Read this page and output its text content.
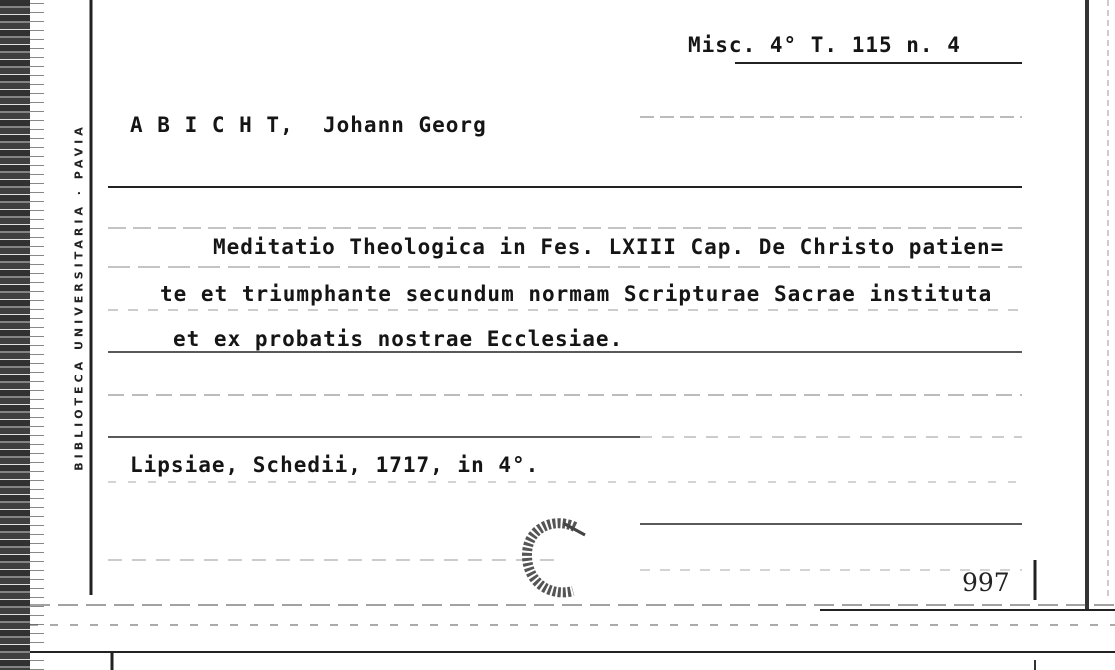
BIBLIOTECA UNIVERSITARIA · PAVIA
Misc. 4° T. 115 n. 4
A B I C H T, Johann Georg
Meditatio Theologica in Fes. LXIII Cap. De Christo patien=
te et triumphante secundum normam Scripturae Sacrae instituta
et ex probatis nostrae Ecclesiae.
Lipsiae, Schedii, 1717, in 4°.
997
